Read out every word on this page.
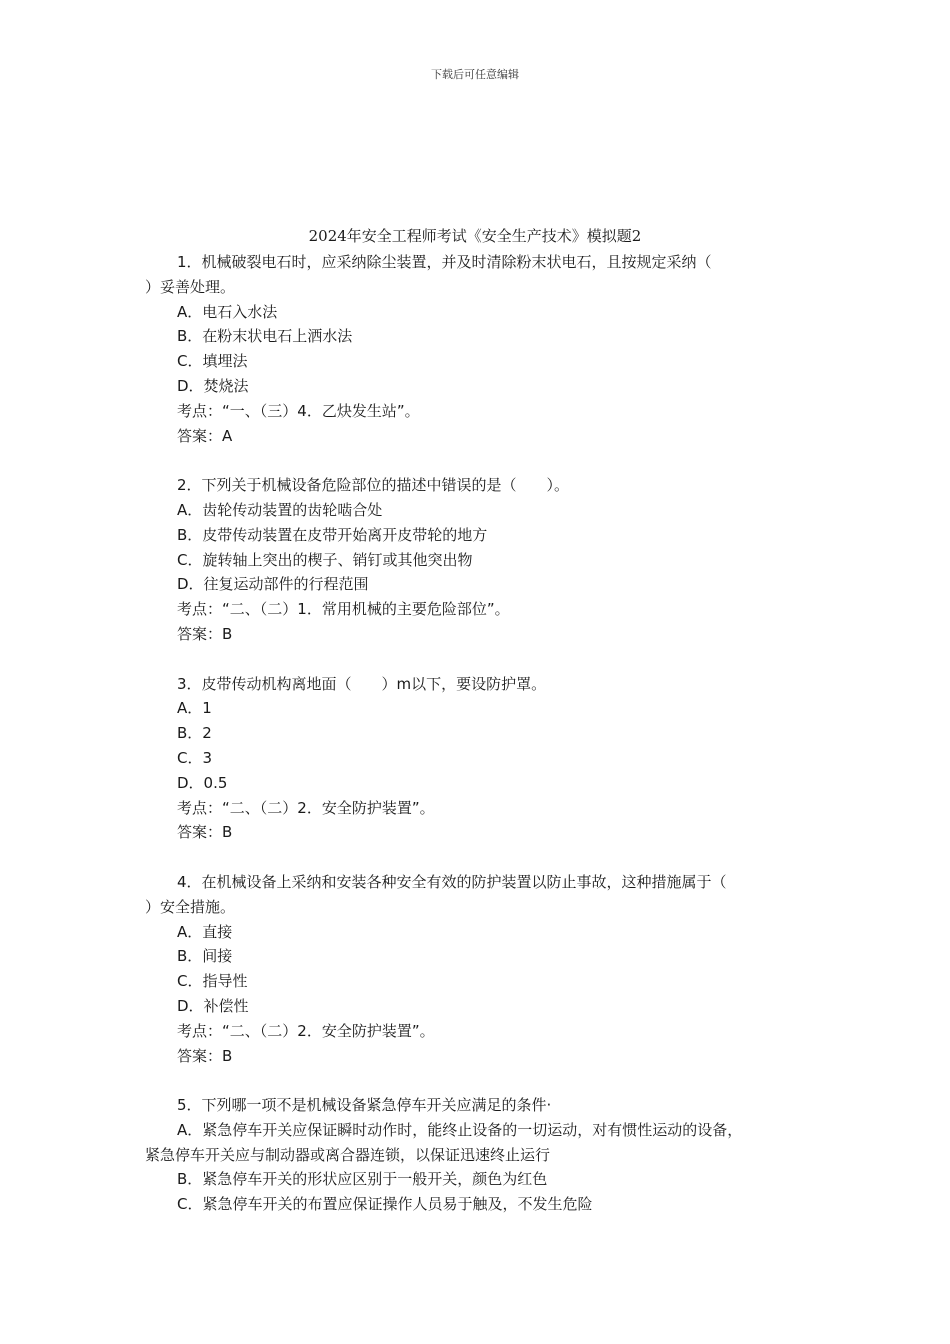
下载后可任意编辑
2024年安全工程师考试《安全生产技术》模拟题2
1．机械破裂电石时，应采纳除尘装置，并及时清除粉末状电石，且按规定采纳（
）妥善处理。
A．电石入水法
B．在粉末状电石上洒水法
C．填埋法
D．焚烧法
考点：“一、（三）4．乙炔发生站”。
答案：A
2．下列关于机械设备危险部位的描述中错误的是（　　）。
A．齿轮传动装置的齿轮啮合处
B．皮带传动装置在皮带开始离开皮带轮的地方
C．旋转轴上突出的楔子、销钉或其他突出物
D．往复运动部件的行程范围
考点：“二、（二）1．常用机械的主要危险部位”。
答案：B
3．皮带传动机构离地面（　　）m以下，要设防护罩。
A．1
B．2
C．3
D．0.5
考点：“二、（二）2．安全防护装置”。
答案：B
4．在机械设备上采纳和安装各种安全有效的防护装置以防止事故，这种措施属于（
）安全措施。
A．直接
B．间接
C．指导性
D．补偿性
考点：“二、（二）2．安全防护装置”。
答案：B
5．下列哪一项不是机械设备紧急停车开关应满足的条件·
A．紧急停车开关应保证瞬时动作时，能终止设备的一切运动，对有惯性运动的设备，
紧急停车开关应与制动器或离合器连锁，以保证迅速终止运行
B．紧急停车开关的形状应区别于一般开关，颜色为红色
C．紧急停车开关的布置应保证操作人员易于触及，不发生危险
